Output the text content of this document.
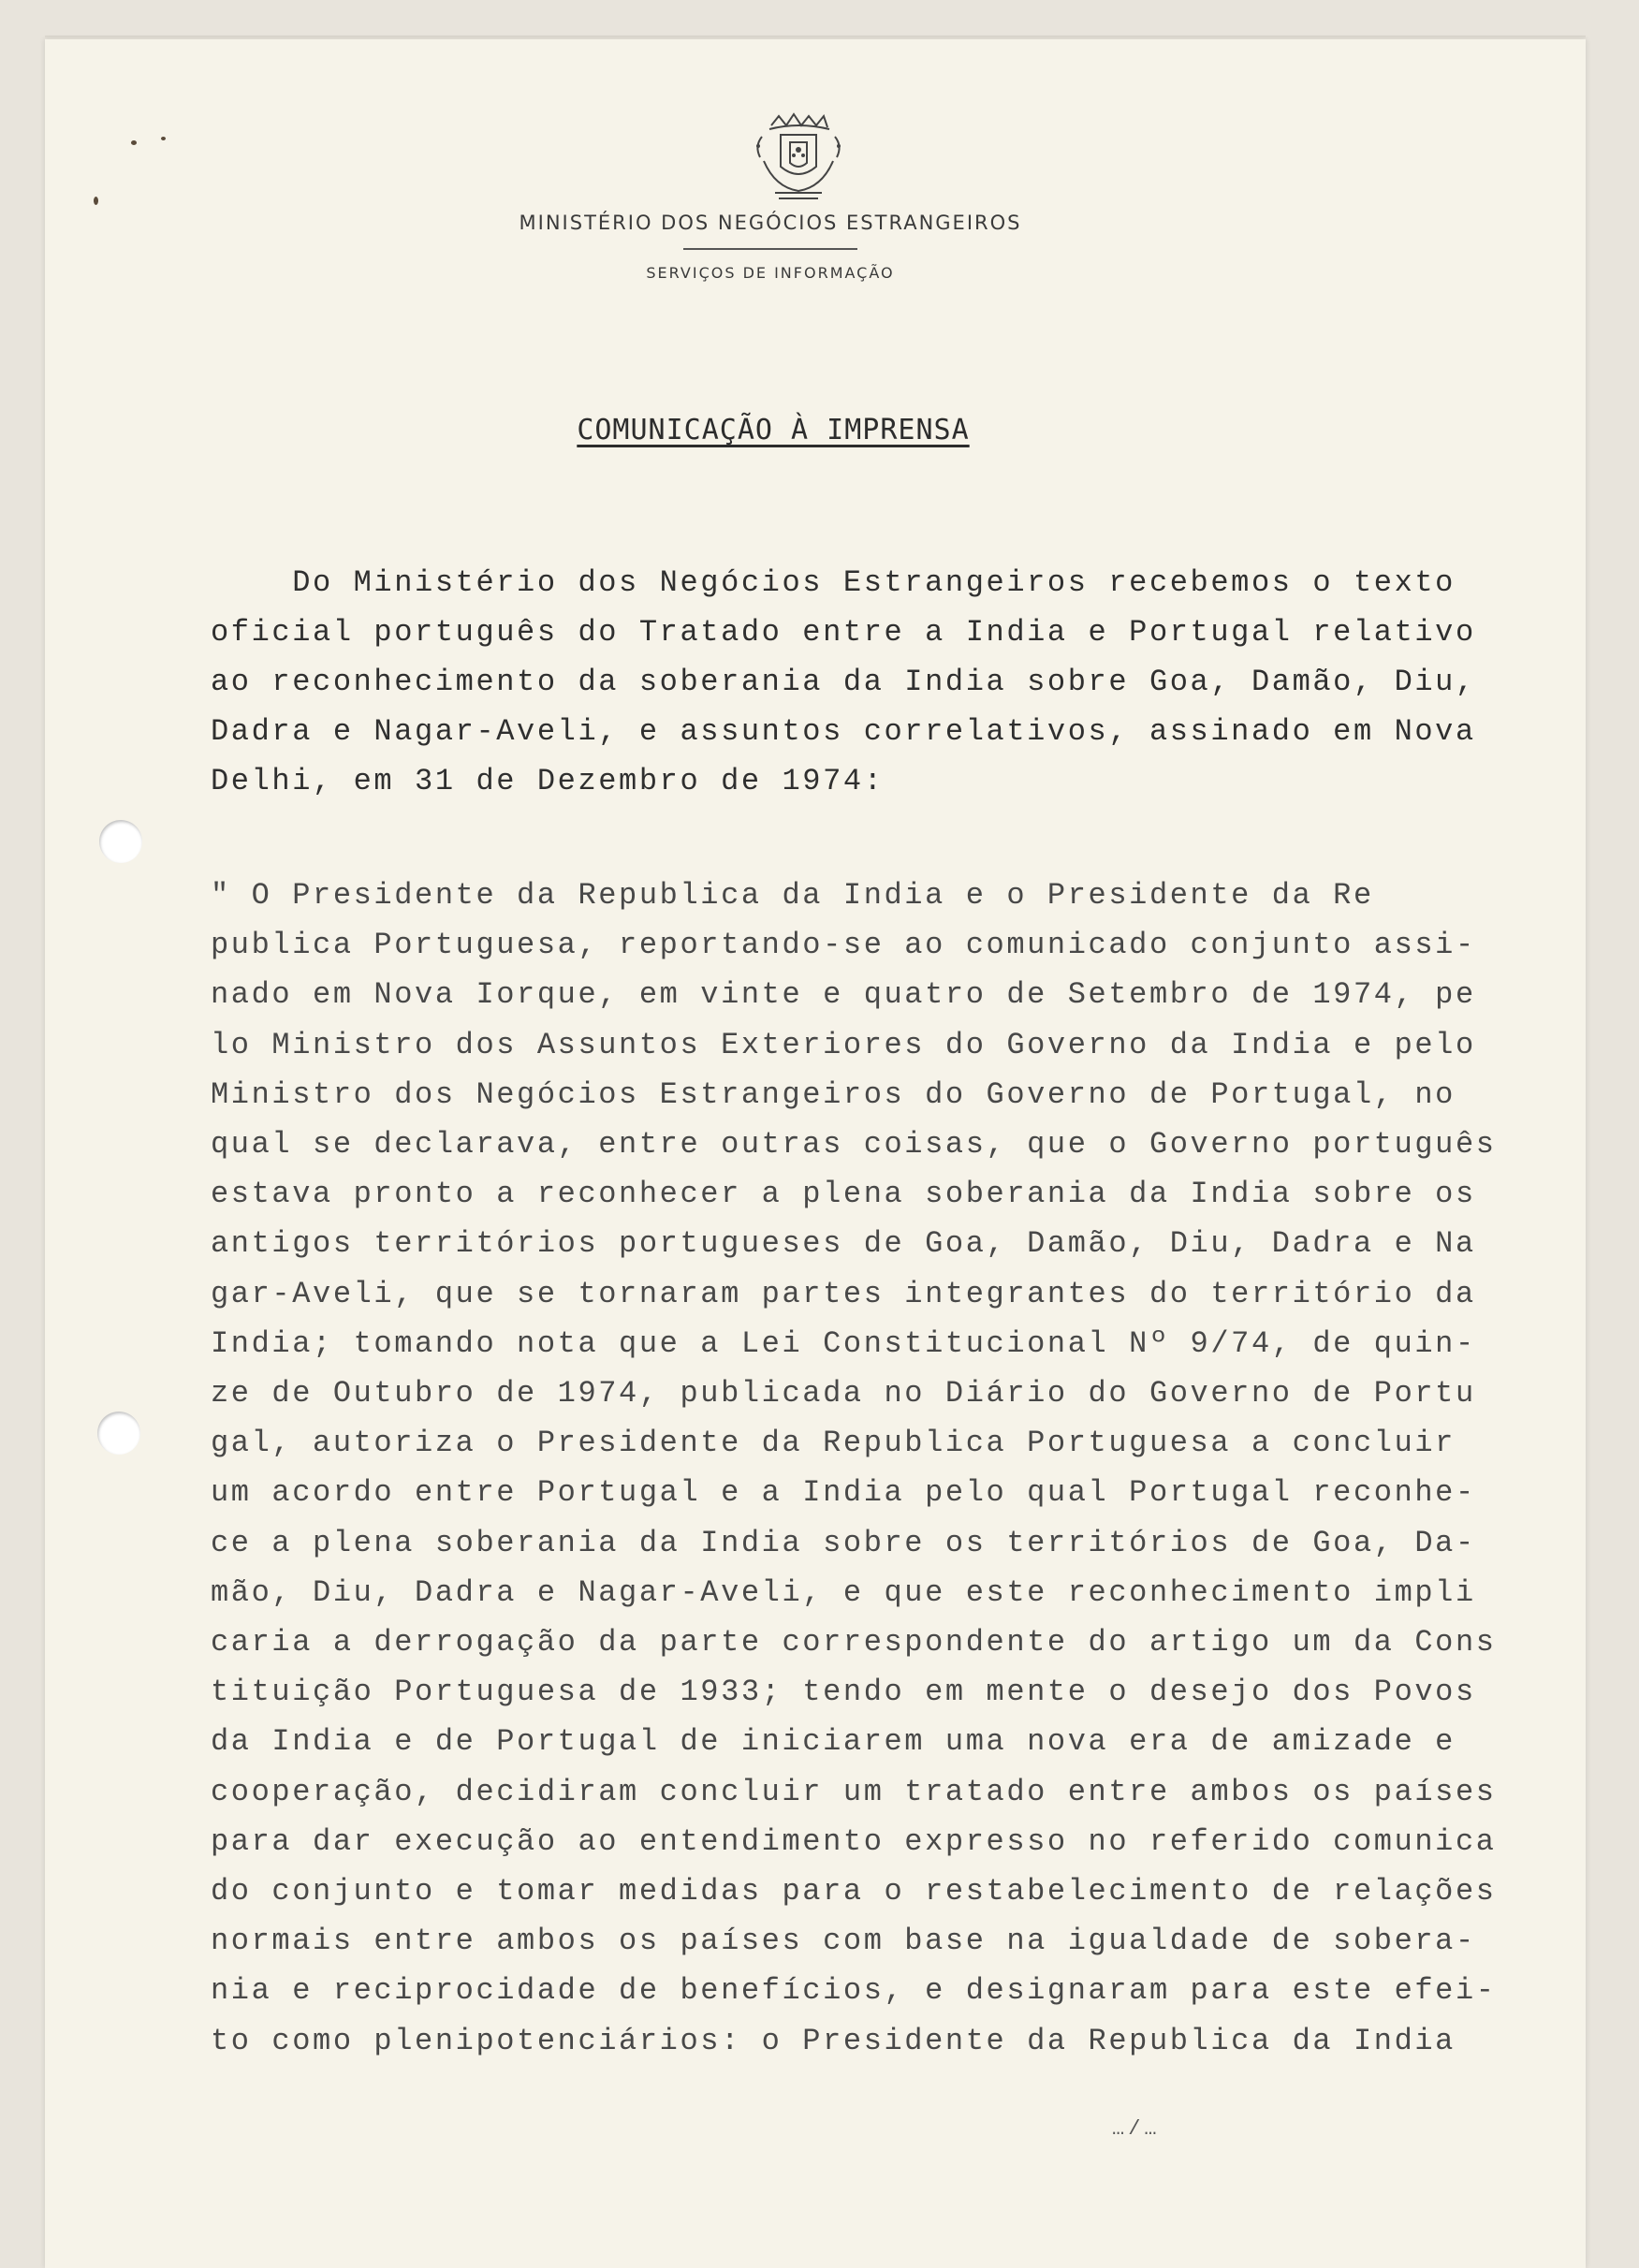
MINISTÉRIO DOS NEGÓCIOS ESTRANGEIROS
SERVIÇOS DE INFORMAÇÃO
COMUNICAÇÃO À IMPRENSA
Do Ministério dos Negócios Estrangeiros recebemos o texto
oficial português do Tratado entre a India e Portugal relativo
ao reconhecimento da soberania da India sobre Goa, Damão, Diu,
Dadra e Nagar-Aveli, e assuntos correlativos, assinado em Nova
Delhi, em 31 de Dezembro de 1974:
" O Presidente da Republica da India e o Presidente da Re
publica Portuguesa, reportando-se ao comunicado conjunto assi-
nado em Nova Iorque, em vinte e quatro de Setembro de 1974, pe
lo Ministro dos Assuntos Exteriores do Governo da India e pelo
Ministro dos Negócios Estrangeiros do Governo de Portugal, no
qual se declarava, entre outras coisas, que o Governo português
estava pronto a reconhecer a plena soberania da India sobre os
antigos territórios portugueses de Goa, Damão, Diu, Dadra e Na
gar-Aveli, que se tornaram partes integrantes do território da
India; tomando nota que a Lei Constitucional Nº 9/74, de quin-
ze de Outubro de 1974, publicada no Diário do Governo de Portu
gal, autoriza o Presidente da Republica Portuguesa a concluir
um acordo entre Portugal e a India pelo qual Portugal reconhe-
ce a plena soberania da India sobre os territórios de Goa, Da-
mão, Diu, Dadra e Nagar-Aveli, e que este reconhecimento impli
caria a derrogação da parte correspondente do artigo um da Cons
tituição Portuguesa de 1933; tendo em mente o desejo dos Povos
da India e de Portugal de iniciarem uma nova era de amizade e
cooperação, decidiram concluir um tratado entre ambos os países
para dar execução ao entendimento expresso no referido comunica
do conjunto e tomar medidas para o restabelecimento de relações
normais entre ambos os países com base na igualdade de sobera-
nia e reciprocidade de benefícios, e designaram para este efei-
to como plenipotenciários: o Presidente da Republica da India
…/…
